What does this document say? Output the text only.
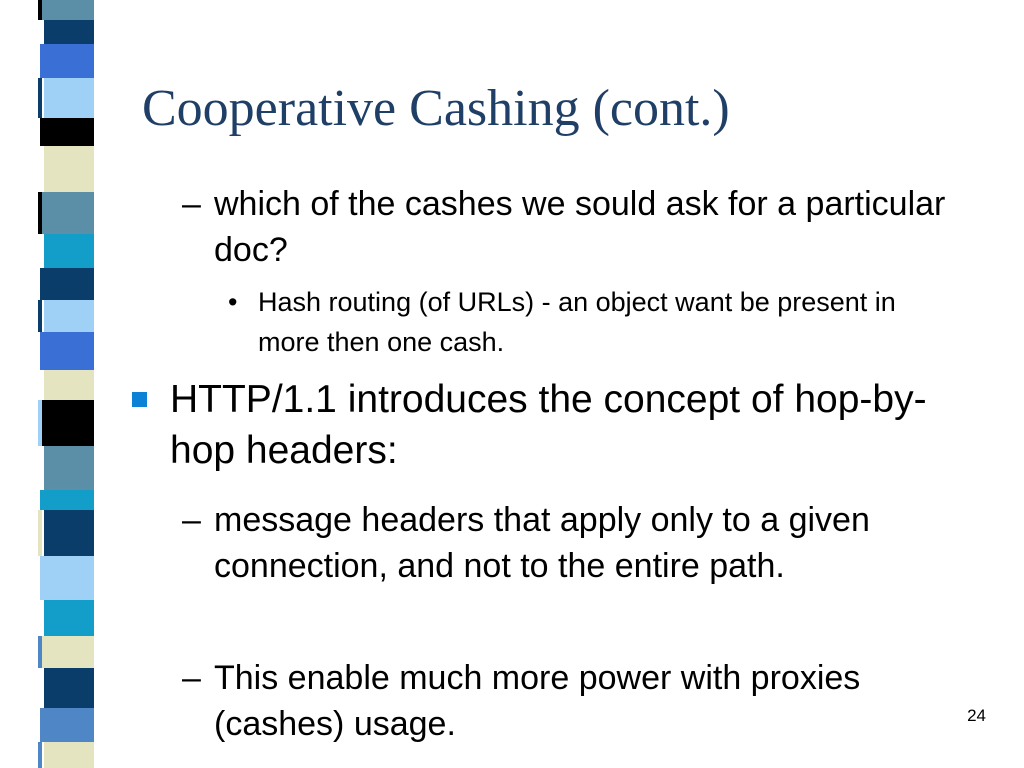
Cooperative Cashing (cont.)
– which of the cashes we sould ask for a particular doc?
• Hash routing (of URLs) - an object want be present in more then one cash.
HTTP/1.1 introduces the concept of hop-by-hop headers:
– message headers that apply only to a given connection, and not to the entire path.
– This enable much more power with proxies (cashes) usage.	24
